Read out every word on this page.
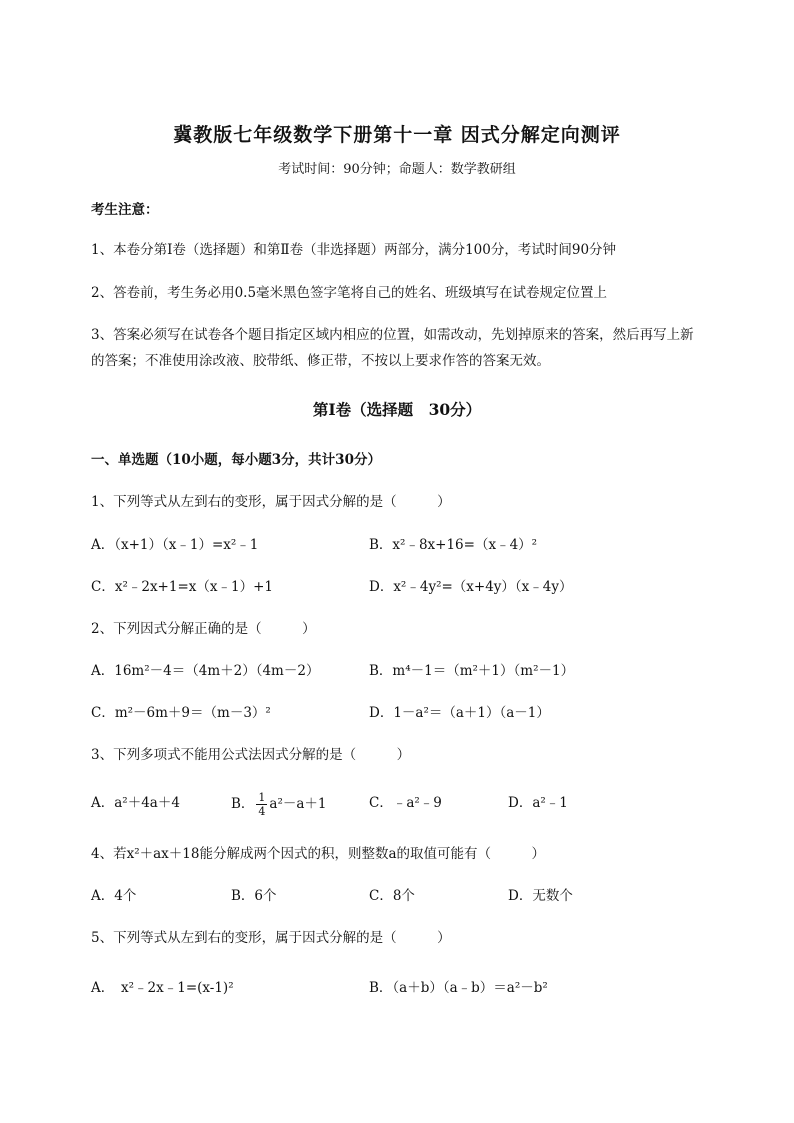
冀教版七年级数学下册第十一章 因式分解定向测评
考试时间：90分钟；命题人：数学教研组
考生注意：
1、本卷分第Ⅰ卷（选择题）和第Ⅱ卷（非选择题）两部分，满分100分，考试时间90分钟
2、答卷前，考生务必用0.5毫米黑色签字笔将自己的姓名、班级填写在试卷规定位置上
3、答案必须写在试卷各个题目指定区域内相应的位置，如需改动，先划掉原来的答案，然后再写上新
的答案；不准使用涂改液、胶带纸、修正带，不按以上要求作答的答案无效。
第Ⅰ卷（选择题　30分）
一、单选题（10小题，每小题3分，共计30分）
1、下列等式从左到右的变形，属于因式分解的是（　　　）
A．（x+1）（x﹣1）=x²﹣1	B．x²﹣8x+16=（x﹣4）²
C．x²﹣2x+1=x（x﹣1）+1	D．x²﹣4y²=（x+4y）（x﹣4y）
2、下列因式分解正确的是（　　　）
A．16m²－4＝（4m＋2）（4m－2）	B．m⁴－1＝（m²＋1）（m²－1）
C．m²－6m＋9＝（m－3）²	D．1－a²＝（a＋1）（a－1）
3、下列多项式不能用公式法因式分解的是（　　　）
A．a²＋4a＋4	B． $\frac{1}{4} a^2-a+1$	C．﹣a²﹣9	D．a²﹣1
4、若x²＋ax＋18能分解成两个因式的积，则整数a的取值可能有（　　　）
A．4个	B．6个	C．8个	D．无数个
5、下列等式从左到右的变形，属于因式分解的是（　　　）
A．　x²﹣2x﹣1=(x-1)²	B．（a＋b）（a﹣b）＝a²－b²
